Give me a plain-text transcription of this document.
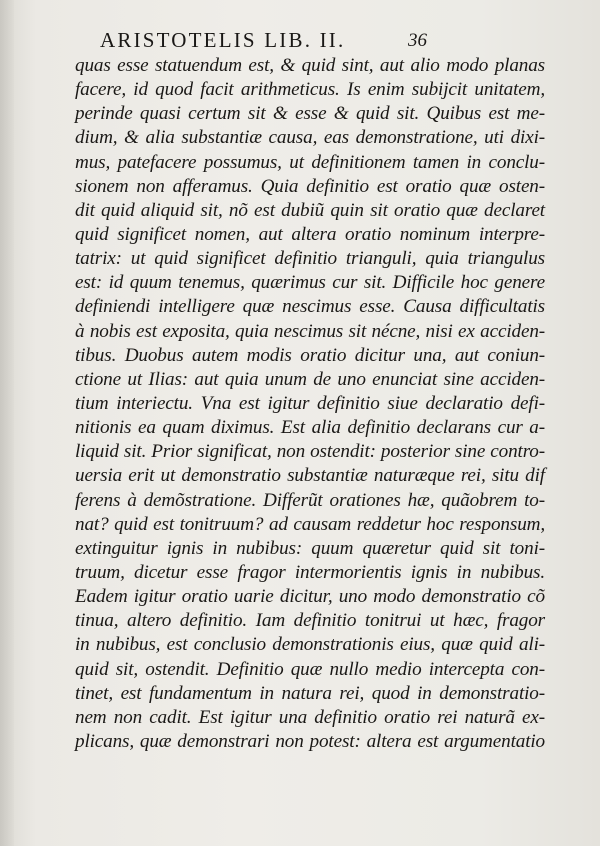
ARISTOTELIS LIB. II.	36
quas esse statuendum est, & quid sint, aut alio modo planas
facere, id quod facit arithmeticus. Is enim subijcit unitatem,
perinde quasi certum sit & esse & quid sit. Quibus est me-
dium, & alia substantiæ causa, eas demonstratione, uti dixi-
mus, patefacere possumus, ut definitionem tamen in conclu-
sionem non afferamus. Quia definitio est oratio quæ osten-
dit quid aliquid sit, nõ est dubiũ quin sit oratio quæ declaret
quid significet nomen, aut altera oratio nominum interpre-
tatrix: ut quid significet definitio trianguli, quia triangulus
est: id quum tenemus, quærimus cur sit. Difficile hoc genere
definiendi intelligere quæ nescimus esse. Causa difficultatis
à nobis est exposita, quia nescimus sit nécne, nisi ex acciden-
tibus. Duobus autem modis oratio dicitur una, aut coniun-
ctione ut Ilias: aut quia unum de uno enunciat sine acciden-
tium interiectu. Vna est igitur definitio siue declaratio defi-
nitionis ea quam diximus. Est alia definitio declarans cur a-
liquid sit. Prior significat, non ostendit: posterior sine contro-
uersia erit ut demonstratio substantiæ naturæque rei, situ dif
ferens à demõstratione. Differũt orationes hæ, quãobrem to-
nat? quid est tonitruum? ad causam reddetur hoc responsum,
extinguitur ignis in nubibus: quum quæretur quid sit toni-
truum, dicetur esse fragor intermorientis ignis in nubibus.
Eadem igitur oratio uarie dicitur, uno modo demonstratio cõ
tinua, altero definitio. Iam definitio tonitrui ut hæc, fragor
in nubibus, est conclusio demonstrationis eius, quæ quid ali-
quid sit, ostendit. Definitio quæ nullo medio intercepta con-
tinet, est fundamentum in natura rei, quod in demonstratio-
nem non cadit. Est igitur una definitio oratio rei naturã ex-
plicans, quæ demonstrari non potest: altera est argumentatio
